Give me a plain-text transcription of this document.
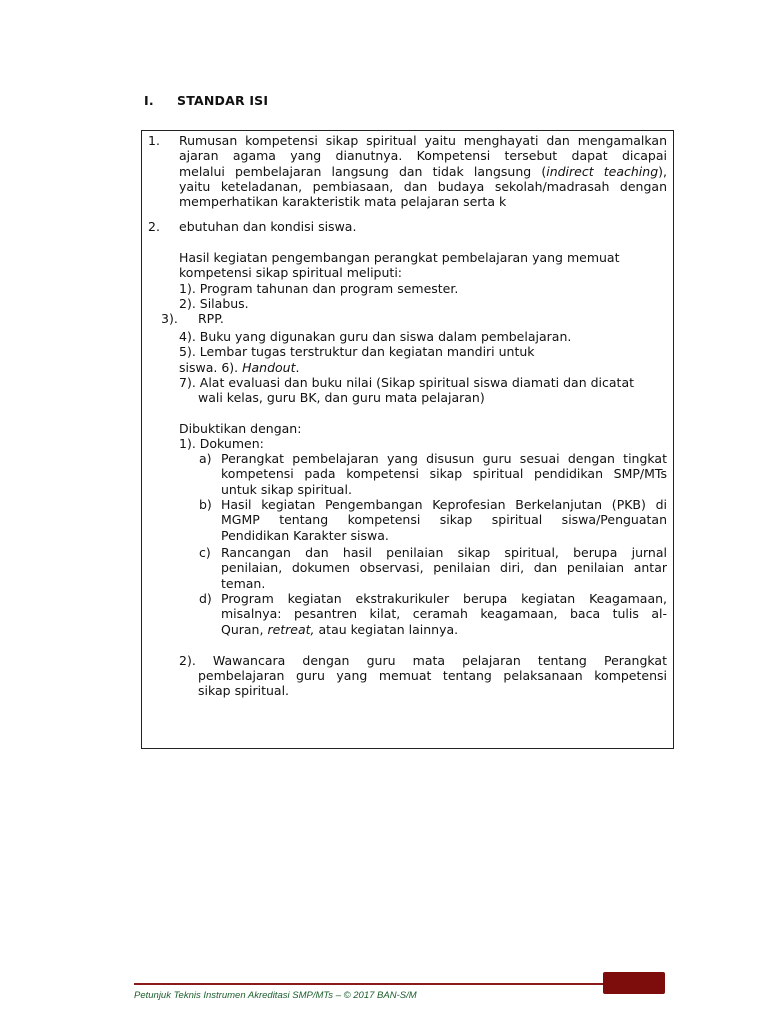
I. STANDAR ISI
1. Rumusan kompetensi sikap spiritual yaitu menghayati dan mengamalkan
ajaran agama yang dianutnya. Kompetensi tersebut dapat dicapai
melalui pembelajaran langsung dan tidak langsung (indirect teaching),
yaitu keteladanan, pembiasaan, dan budaya sekolah/madrasah dengan
memperhatikan karakteristik mata pelajaran serta k
2. ebutuhan dan kondisi siswa.
Hasil kegiatan pengembangan perangkat pembelajaran yang memuat
kompetensi sikap spiritual meliputi:
1). Program tahunan dan program semester.
2). Silabus.
3). RPP.
4). Buku yang digunakan guru dan siswa dalam pembelajaran.
5). Lembar tugas terstruktur dan kegiatan mandiri untuk
siswa. 6). Handout.
7). Alat evaluasi dan buku nilai (Sikap spiritual siswa diamati dan dicatat
wali kelas, guru BK, dan guru mata pelajaran)
Dibuktikan dengan:
1). Dokumen:
a) Perangkat pembelajaran yang disusun guru sesuai dengan tingkat
kompetensi pada kompetensi sikap spiritual pendidikan SMP/MTs
untuk sikap spiritual.
b) Hasil kegiatan Pengembangan Keprofesian Berkelanjutan (PKB) di
MGMP tentang kompetensi sikap spiritual siswa/Penguatan
Pendidikan Karakter siswa.
c) Rancangan dan hasil penilaian sikap spiritual, berupa jurnal
penilaian, dokumen observasi, penilaian diri, dan penilaian antar
teman.
d) Program kegiatan ekstrakurikuler berupa kegiatan Keagamaan,
misalnya: pesantren kilat, ceramah keagamaan, baca tulis al-
Quran, retreat, atau kegiatan lainnya.
2). Wawancara dengan guru mata pelajaran tentang Perangkat
pembelajaran guru yang memuat tentang pelaksanaan kompetensi
sikap spiritual.
Petunjuk Teknis Instrumen Akreditasi SMP/MTs – © 2017 BAN-S/M
